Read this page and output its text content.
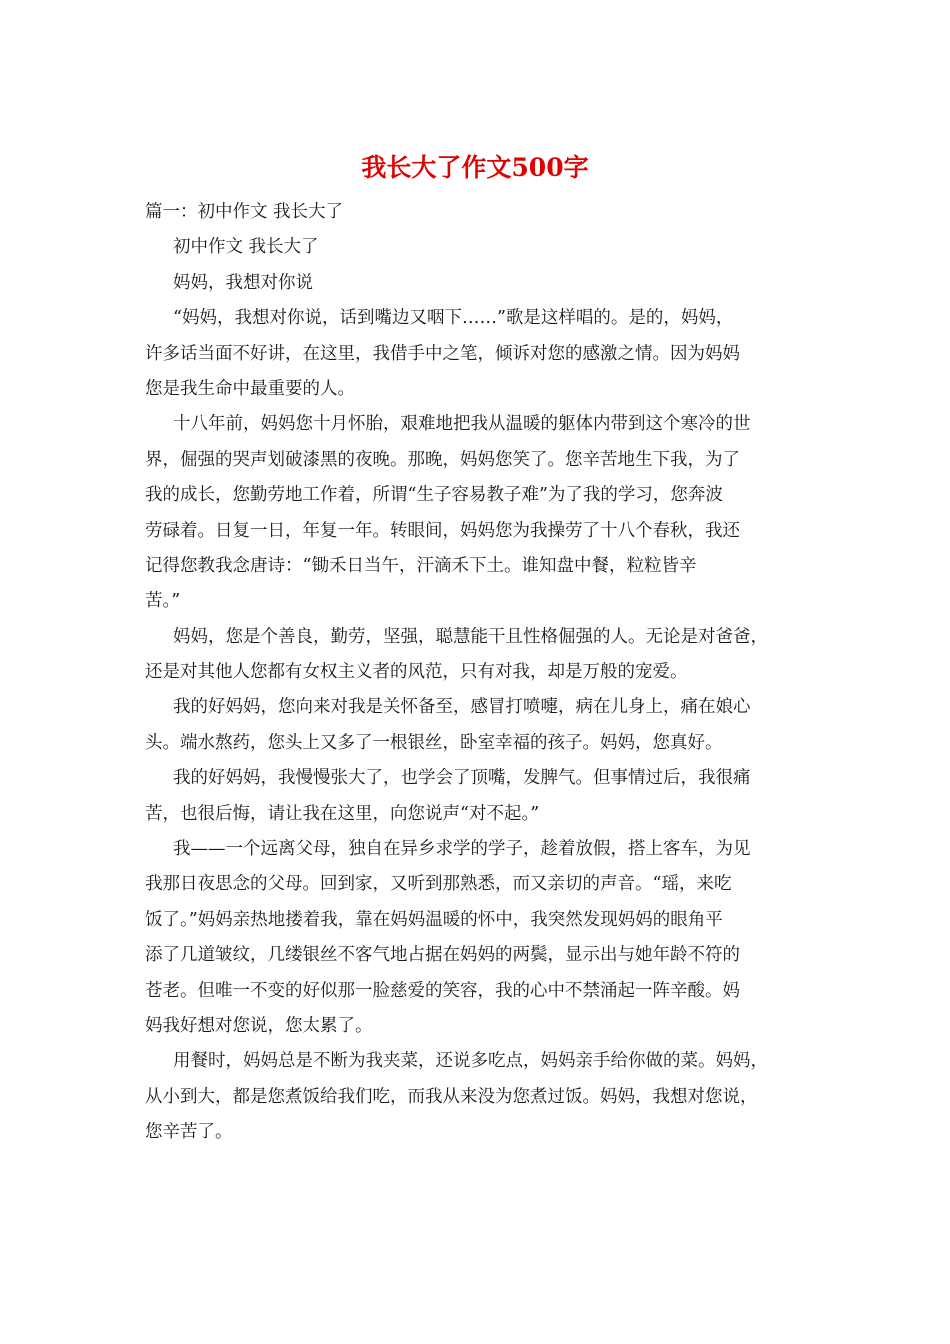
我长大了作文500字
篇一：初中作文 我长大了
初中作文 我长大了
妈妈，我想对你说
“妈妈，我想对你说，话到嘴边又咽下……”歌是这样唱的。是的，妈妈，
许多话当面不好讲，在这里，我借手中之笔，倾诉对您的感激之情。因为妈妈
您是我生命中最重要的人。
十八年前，妈妈您十月怀胎，艰难地把我从温暖的躯体内带到这个寒冷的世
界，倔强的哭声划破漆黑的夜晚。那晚，妈妈您笑了。您辛苦地生下我，为了
我的成长，您勤劳地工作着，所谓“生子容易教子难”为了我的学习，您奔波
劳碌着。日复一日，年复一年。转眼间，妈妈您为我操劳了十八个春秋，我还
记得您教我念唐诗：“锄禾日当午，汗滴禾下土。谁知盘中餐，粒粒皆辛
苦。”
妈妈，您是个善良，勤劳，坚强，聪慧能干且性格倔强的人。无论是对爸爸，
还是对其他人您都有女权主义者的风范，只有对我，却是万般的宠爱。
我的好妈妈，您向来对我是关怀备至，感冒打喷嚏，病在儿身上，痛在娘心
头。端水熬药，您头上又多了一根银丝，卧室幸福的孩子。妈妈，您真好。
我的好妈妈，我慢慢张大了，也学会了顶嘴，发脾气。但事情过后，我很痛
苦，也很后悔，请让我在这里，向您说声“对不起。”
我——一个远离父母，独自在异乡求学的学子，趁着放假，搭上客车，为见
我那日夜思念的父母。回到家，又听到那熟悉，而又亲切的声音。“瑶，来吃
饭了。”妈妈亲热地搂着我，靠在妈妈温暖的怀中，我突然发现妈妈的眼角平
添了几道皱纹，几缕银丝不客气地占据在妈妈的两鬓，显示出与她年龄不符的
苍老。但唯一不变的好似那一脸慈爱的笑容，我的心中不禁涌起一阵辛酸。妈
妈我好想对您说，您太累了。
用餐时，妈妈总是不断为我夹菜，还说多吃点，妈妈亲手给你做的菜。妈妈，
从小到大，都是您煮饭给我们吃，而我从来没为您煮过饭。妈妈，我想对您说，
您辛苦了。
